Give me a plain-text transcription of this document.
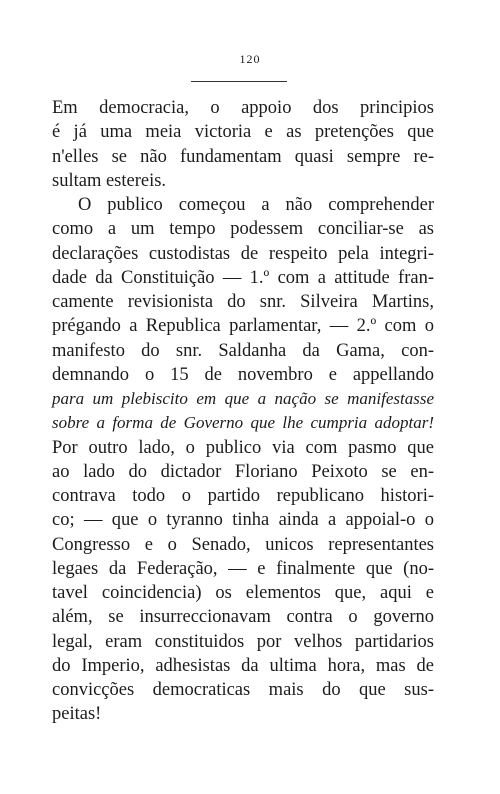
120
Em democracia, o appoio dos principios
é já uma meia victoria e as pretenções que
n'elles se não fundamentam quasi sempre re-
sultam estereis.
O publico começou a não comprehender
como a um tempo podessem conciliar-se as
declarações custodistas de respeito pela integri-
dade da Constituição — 1.º com a attitude fran-
camente revisionista do snr. Silveira Martins,
prégando a Republica parlamentar, — 2.º com o
manifesto do snr. Saldanha da Gama, con-
demnando o 15 de novembro e appellando
para um plebiscito em que a nação se manifestasse
sobre a forma de Governo que lhe cumpria adoptar!
Por outro lado, o publico via com pasmo que
ao lado do dictador Floriano Peixoto se en-
contrava todo o partido republicano histori-
co; — que o tyranno tinha ainda a appoial-o o
Congresso e o Senado, unicos representantes
legaes da Federação, — e finalmente que (no-
tavel coincidencia) os elementos que, aqui e
além, se insurreccionavam contra o governo
legal, eram constituidos por velhos partidarios
do Imperio, adhesistas da ultima hora, mas de
convicções democraticas mais do que sus-
peitas!
